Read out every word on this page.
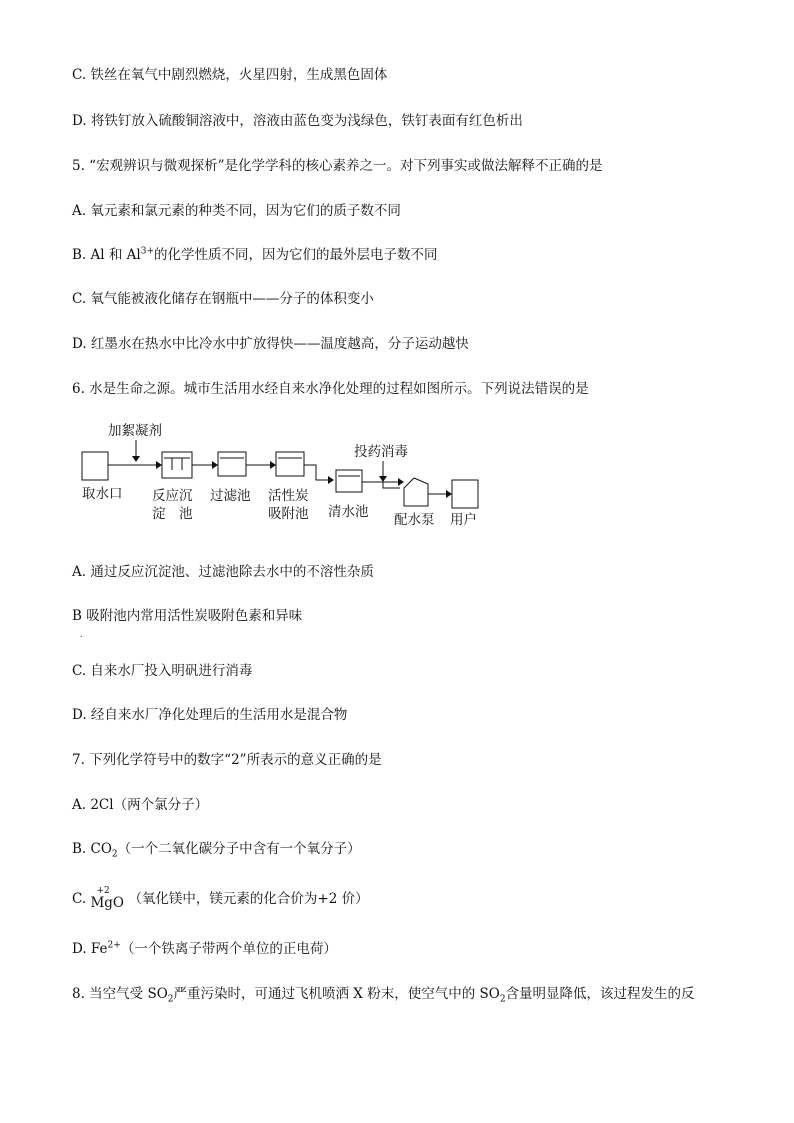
C. 铁丝在氧气中剧烈燃烧，火星四射，生成黑色固体
D. 将铁钉放入硫酸铜溶液中，溶液由蓝色变为浅绿色，铁钉表面有红色析出
5. “宏观辨识与微观探析”是化学学科的核心素养之一。对下列事实或做法解释不正确的是
A. 氧元素和氯元素的种类不同，因为它们的质子数不同
B. Al 和 $Al^{3+}$的化学性质不同，因为它们的最外层电子数不同
C. 氧气能被液化储存在钢瓶中——分子的体积变小
D. 红墨水在热水中比冷水中扩放得快——温度越高，分子运动越快
6. 水是生命之源。城市生活用水经自来水净化处理的过程如图所示。下列说法错误的是
加絮凝剂
投药消毒
取水口 反应沉
淀　池
过滤池 活性炭
吸附池 清水池 配水泵 用户
A. 通过反应沉淀池、过滤池除去水中的不溶性杂质
B 吸附池内常用活性炭吸附色素和异味
.
C. 自来水厂投入明矾进行消毒
D. 经自来水厂净化处理后的生活用水是混合物
7. 下列化学符号中的数字“2”所表示的意义正确的是
A. 2Cl（两个氯分子）
B. $CO_2$（一个二氧化碳分子中含有一个氧分子）
C.
+2
MgO （氧化镁中，镁元素的化合价为+2 价）
D. $Fe^{2+}$（一个铁离子带两个单位的正电荷）
8. 当空气受 $SO_2$严重污染时，可通过飞机喷洒 X 粉末，使空气中的 $SO_2$含量明显降低，该过程发生的反
